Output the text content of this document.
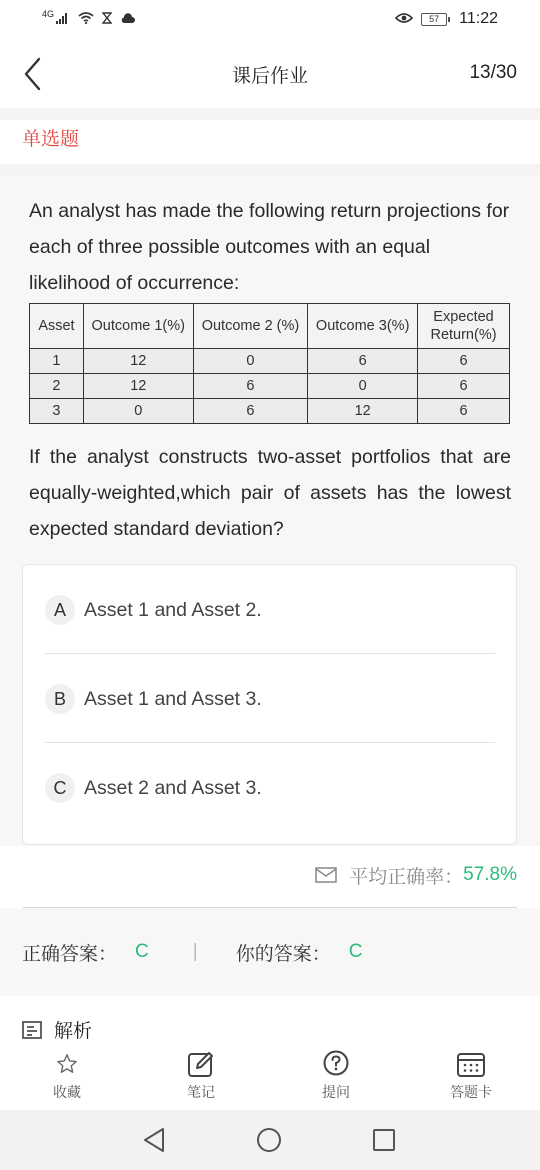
4G	57	11:22
课后作业	13/30
单选题
An analyst has made the following return projections for each of three possible outcomes with an equal likelihood of occurrence:
Asset	Outcome 1(%)	Outcome 2 (%)	Outcome 3(%)	Expected Return(%)
1	12	0	6	6
2	12	6	0	6
3	0	6	12	6
If the analyst constructs two-asset portfolios that are equally-weighted,which pair of assets has the lowest expected standard deviation?
A Asset 1 and Asset 2.
B Asset 1 and Asset 3.
C Asset 2 and Asset 3.
平均正确率： 57.8%
正确答案： C | 你的答案： C
解析
收藏	笔记	提问	答题卡
